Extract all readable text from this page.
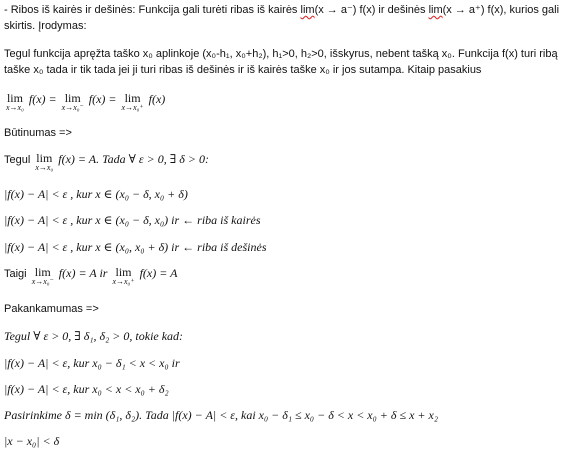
- Ribos iš kairės ir dešinės: Funkcija gali turėti ribas iš kairės lim(x → a⁻) f(x) ir dešinės lim(x → a⁺) f(x), kurios gali
skirtis. Įrodymas:
Tegul funkcija apręžta taško x₀ aplinkoje (x₀-h₁, x₀+h₂), h₁>0, h₂>0, išskyrus, nebent tašką x₀. Funkcija f(x) turi ribą
taške x₀ tada ir tik tada jei ji turi ribas iš dešinės ir iš kairės taške x₀ ir jos sutampa. Kitaip pasakius
lim
x→x₀
f(x) = lim
x→x₀⁻
f(x) = lim
x→x₀⁺
f(x)
Būtinumas =>
Tegul lim
x→x₀
f(x) = A. Tada ∀ ε > 0, ∃ δ > 0:
|f(x) − A| < ε , kur x ∈ (x₀ − δ, x₀ + δ)
|f(x) − A| < ε , kur x ∈ (x₀ − δ, x₀) ir ← riba iš kairės
|f(x) − A| < ε , kur x ∈ (x₀, x₀ + δ) ir ← riba iš dešinės
Taigi lim
x→x₀⁻
f(x) = A ir lim
x→x₀⁺
f(x) = A
Pakankamumas =>
Tegul ∀ ε > 0, ∃ δ₁, δ₂ > 0, tokie kad:
|f(x) − A| < ε, kur x₀ − δ₁ < x < x₀ ir
|f(x) − A| < ε, kur x₀ < x < x₀ + δ₂
Pasirinkime δ = min (δ₁, δ₂). Tada |f(x) − A| < ε, kai x₀ − δ₁ ≤ x₀ − δ < x < x₀ + δ ≤ x + x₂
|x − x₀| < δ
